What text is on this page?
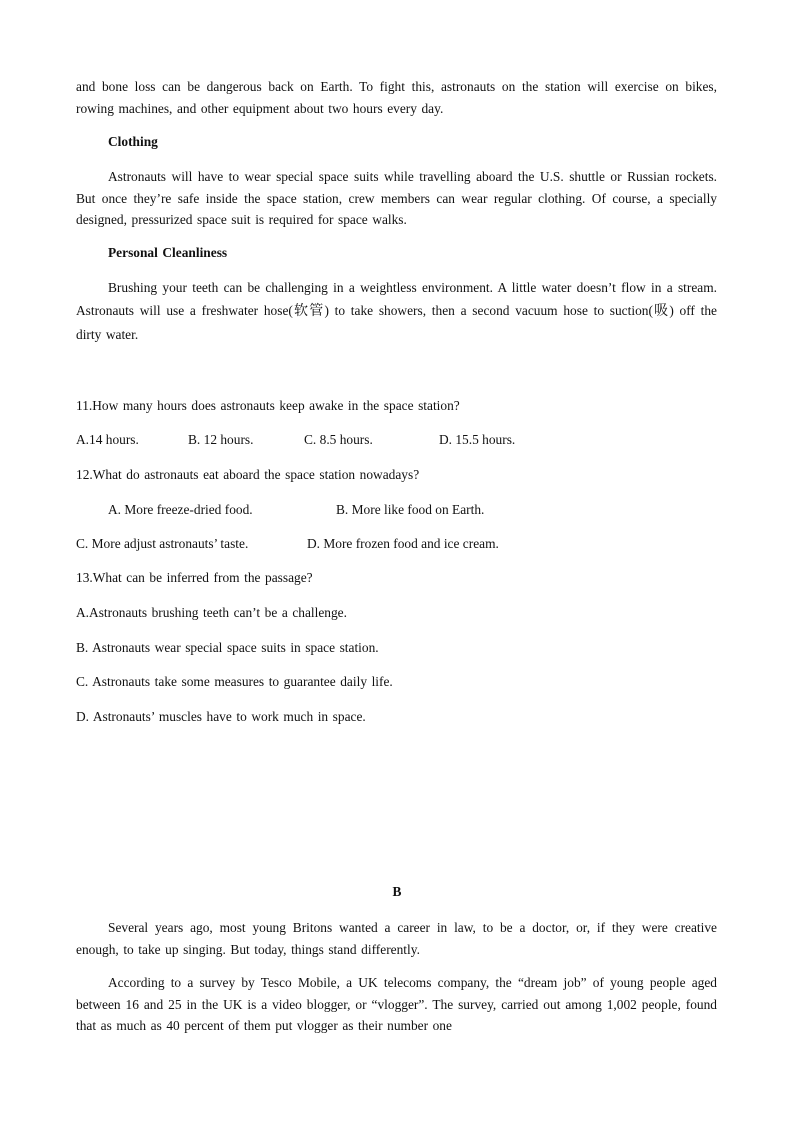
and bone loss can be dangerous back on Earth. To fight this, astronauts on the station will exercise on bikes, rowing machines, and other equipment about two hours every day.

Clothing

Astronauts will have to wear special space suits while travelling aboard the U.S. shuttle or Russian rockets. But once they’re safe inside the space station, crew members can wear regular clothing. Of course, a specially designed, pressurized space suit is required for space walks.

Personal Cleanliness

Brushing your teeth can be challenging in a weightless environment. A little water doesn’t flow in a stream. Astronauts will use a freshwater hose(软管) to take showers, then a second vacuum hose to suction(吸) off the dirty water.

11.How many hours does astronauts keep awake in the space station?

A.14 hours.	B. 12 hours.	C. 8.5 hours.	D. 15.5 hours.

12.What do astronauts eat aboard the space station nowadays?

A. More freeze-dried food.	B. More like food on Earth.
C. More adjust astronauts’ taste.	D. More frozen food and ice cream.

13.What can be inferred from the passage?

A.Astronauts brushing teeth can’t be a challenge.

B. Astronauts wear special space suits in space station.

C. Astronauts take some measures to guarantee daily life.

D. Astronauts’ muscles have to work much in space.

B

Several years ago, most young Britons wanted a career in law, to be a doctor, or, if they were creative enough, to take up singing. But today, things stand differently.

According to a survey by Tesco Mobile, a UK telecoms company, the “dream job” of young people aged between 16 and 25 in the UK is a video blogger, or “vlogger”. The survey, carried out among 1,002 people, found that as much as 40 percent of them put vlogger as their number one
